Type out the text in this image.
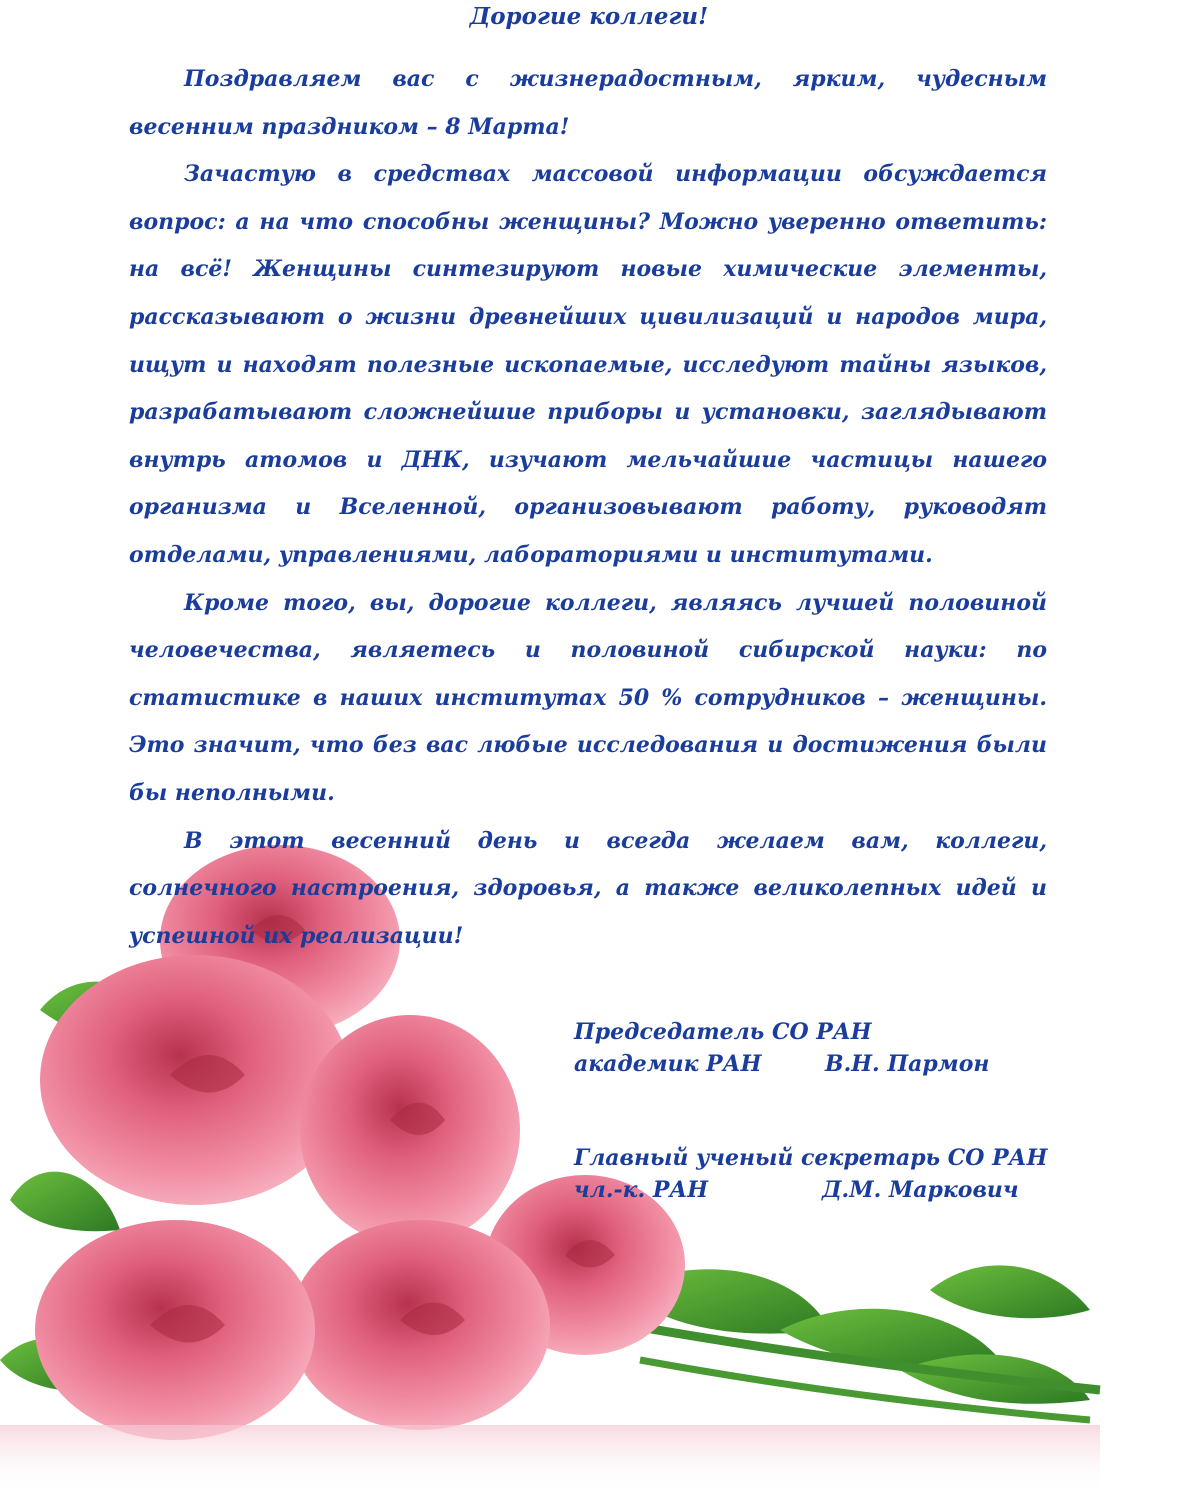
Дорогие коллеги!

Поздравляем вас с жизнерадостным, ярким, чудесным весенним праздником – 8 Марта!

Зачастую в средствах массовой информации обсуждается вопрос: а на что способны женщины? Можно уверенно ответить: на всё! Женщины синтезируют новые химические элементы, рассказывают о жизни древнейших цивилизаций и народов мира, ищут и находят полезные ископаемые, исследуют тайны языков, разрабатывают сложнейшие приборы и установки, заглядывают внутрь атомов и ДНК, изучают мельчайшие частицы нашего организма и Вселенной, организовывают работу, руководят отделами, управлениями, лабораториями и институтами.

Кроме того, вы, дорогие коллеги, являясь лучшей половиной человечества, являетесь и половиной сибирской науки: по статистике в наших институтах 50 % сотрудников – женщины. Это значит, что без вас любые исследования и достижения были бы неполными.

В этот весенний день и всегда желаем вам, коллеги, солнечного настроения, здоровья, а также великолепных идей и успешной их реализации!

Председатель СО РАН
академик РАН	В.Н. Пармон
Главный ученый секретарь СО РАН
чл.-к. РАН	Д.М. Маркович
